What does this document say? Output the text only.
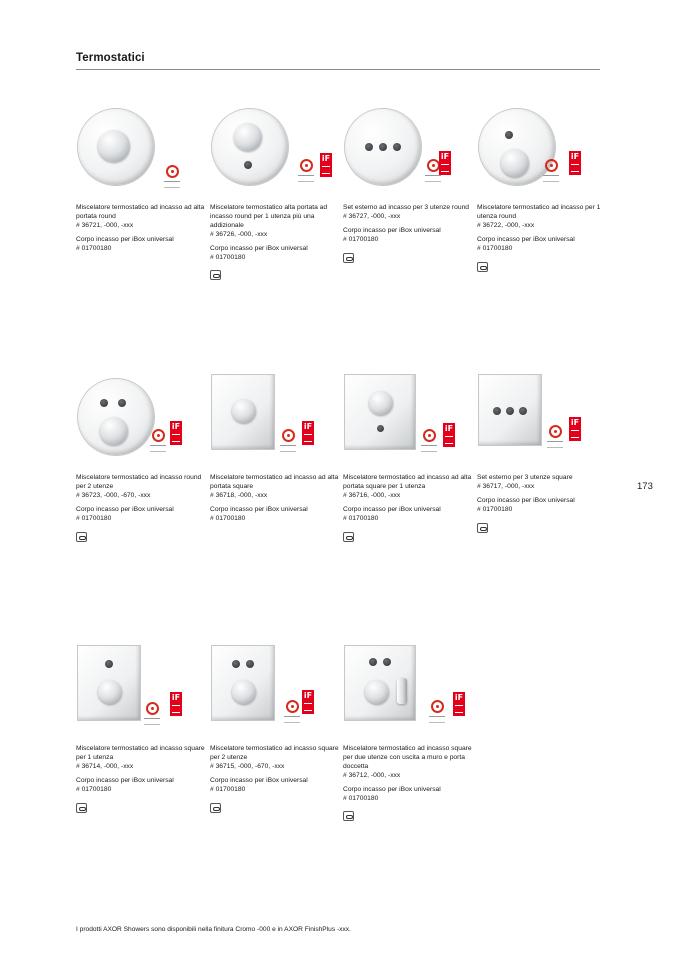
Termostatici
173
Miscelatore termostatico ad incasso ad alta portata round
# 36721, -000, -xxx
Corpo incasso per iBox universal
# 01700180
iF
Miscelatore termostatico alta portata ad incasso round per 1 utenza più una addizionale
# 36726, -000, -xxx
Corpo incasso per iBox universal
# 01700180
iF
Set esterno ad incasso per 3 utenze round
# 36727, -000, -xxx
Corpo incasso per iBox universal
# 01700180
iF
Miscelatore termostatico ad incasso per 1 utenza round
# 36722, -000, -xxx
Corpo incasso per iBox universal
# 01700180
iF
Miscelatore termostatico ad incasso round per 2 utenze
# 36723, -000, -670, -xxx
Corpo incasso per iBox universal
# 01700180
iF
Miscelatore termostatico ad incasso ad alta portata square
# 36718, -000, -xxx
Corpo incasso per iBox universal
# 01700180
iF
Miscelatore termostatico ad incasso ad alta portata square per 1 utenza
# 36716, -000, -xxx
Corpo incasso per iBox universal
# 01700180
iF
Set esterno per 3 utenze square
# 36717, -000, -xxx
Corpo incasso per iBox universal
# 01700180
iF
Miscelatore termostatico ad incasso square per 1 utenza
# 36714, -000, -xxx
Corpo incasso per iBox universal
# 01700180
iF
Miscelatore termostatico ad incasso square per 2 utenze
# 36715, -000, -670, -xxx
Corpo incasso per iBox universal
# 01700180
iF
Miscelatore termostatico ad incasso square per due utenze con uscita a muro e porta doccetta
# 36712, -000, -xxx
Corpo incasso per iBox universal
# 01700180
I prodotti AXOR Showers sono disponibili nella finitura Cromo -000 e in AXOR FinishPlus -xxx.
